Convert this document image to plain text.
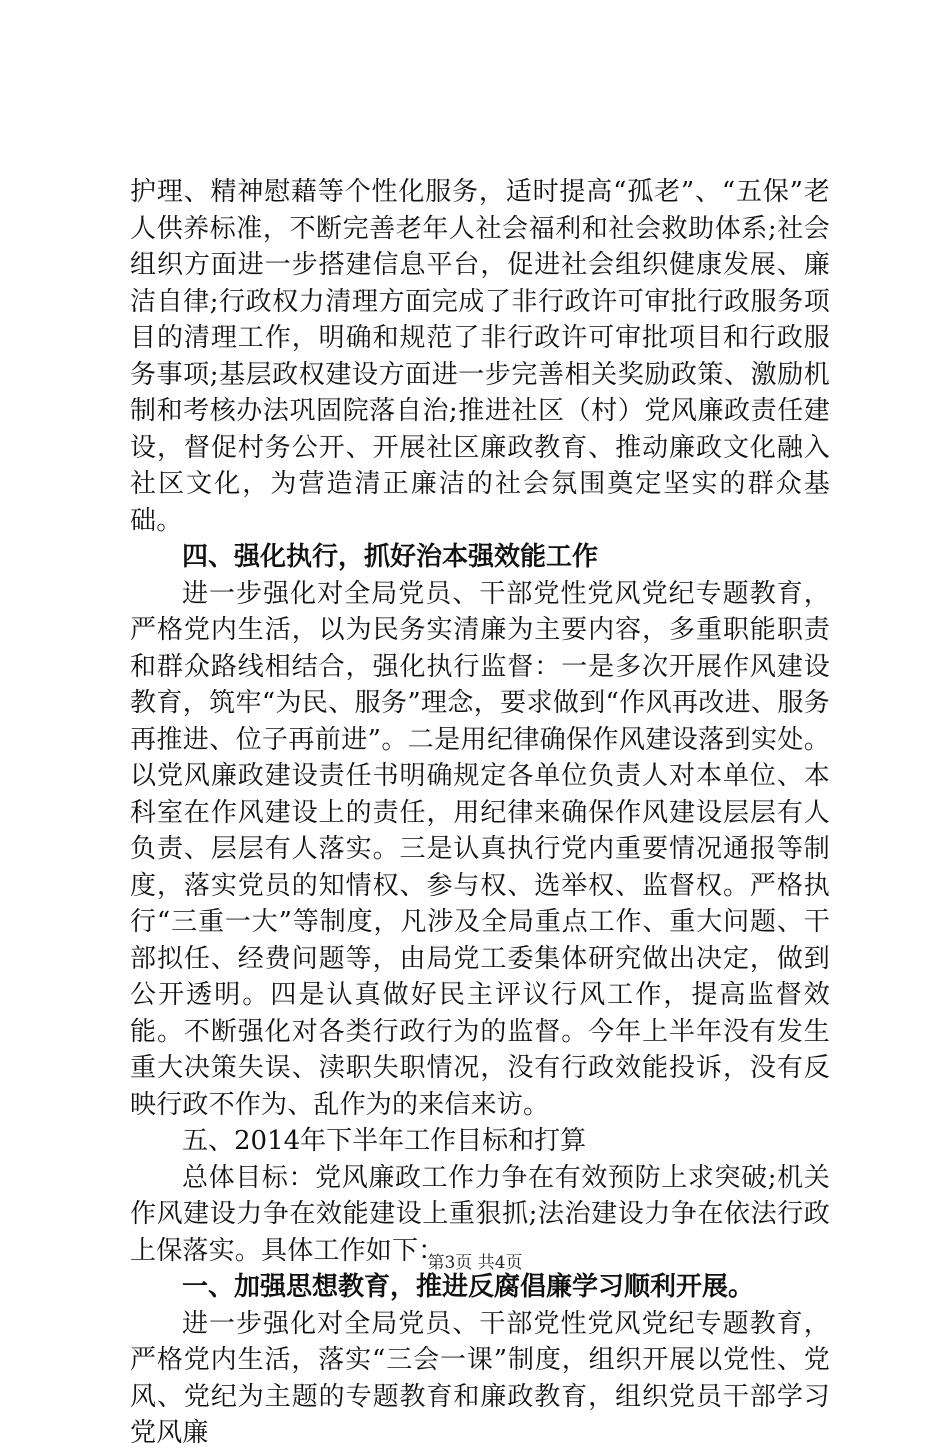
护理、精神慰藉等个性化服务，适时提高“孤老”、“五保”老人供养标准，不断完善老年人社会福利和社会救助体系;社会组织方面进一步搭建信息平台，促进社会组织健康发展、廉洁自律;行政权力清理方面完成了非行政许可审批行政服务项目的清理工作，明确和规范了非行政许可审批项目和行政服务事项;基层政权建设方面进一步完善相关奖励政策、激励机制和考核办法巩固院落自治;推进社区（村）党风廉政责任建设，督促村务公开、开展社区廉政教育、推动廉政文化融入社区文化，为营造清正廉洁的社会氛围奠定坚实的群众基础。

四、强化执行，抓好治本强效能工作

进一步强化对全局党员、干部党性党风党纪专题教育，严格党内生活，以为民务实清廉为主要内容，多重职能职责和群众路线相结合，强化执行监督：一是多次开展作风建设教育，筑牢“为民、服务”理念，要求做到“作风再改进、服务再推进、位子再前进”。二是用纪律确保作风建设落到实处。以党风廉政建设责任书明确规定各单位负责人对本单位、本科室在作风建设上的责任，用纪律来确保作风建设层层有人负责、层层有人落实。三是认真执行党内重要情况通报等制度，落实党员的知情权、参与权、选举权、监督权。严格执行“三重一大”等制度，凡涉及全局重点工作、重大问题、干部拟任、经费问题等，由局党工委集体研究做出决定，做到公开透明。四是认真做好民主评议行风工作，提高监督效能。不断强化对各类行政行为的监督。今年上半年没有发生重大决策失误、渎职失职情况，没有行政效能投诉，没有反映行政不作为、乱作为的来信来访。

五、2014年下半年工作目标和打算

总体目标：党风廉政工作力争在有效预防上求突破;机关作风建设力争在效能建设上重狠抓;法治建设力争在依法行政上保落实。具体工作如下：

一、加强思想教育，推进反腐倡廉学习顺利开展。

进一步强化对全局党员、干部党性党风党纪专题教育，严格党内生活，落实“三会一课”制度，组织开展以党性、党风、党纪为主题的专题教育和廉政教育，组织党员干部学习党风廉

第3页 共4页
